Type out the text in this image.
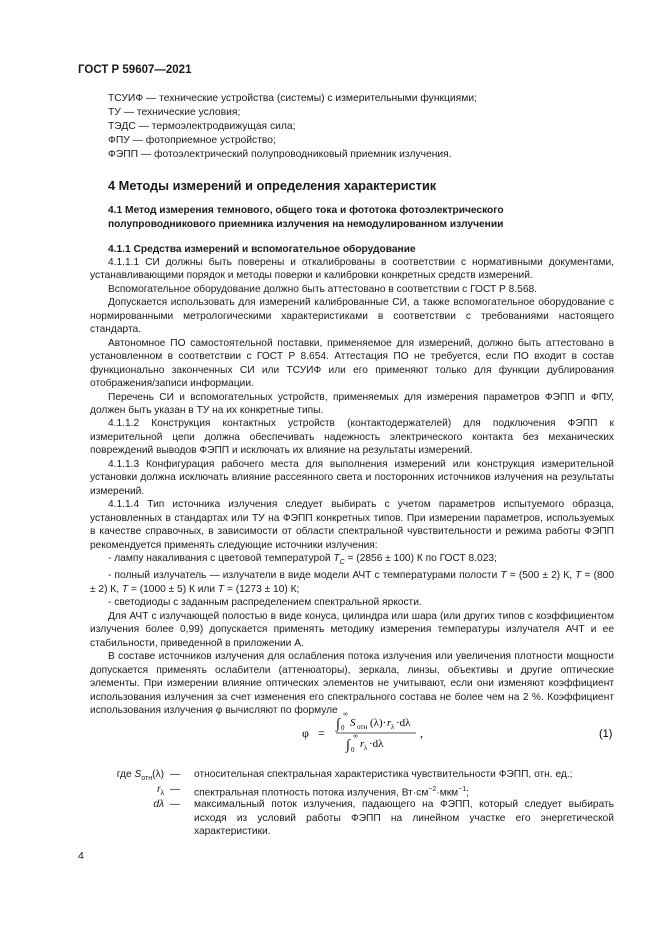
ГОСТ Р 59607—2021
ТСУИФ — технические устройства (системы) с измерительными функциями;
ТУ — технические условия;
ТЭДС — термоэлектродвижущая сила;
ФПУ — фотоприемное устройство;
ФЭПП — фотоэлектрический полупроводниковый приемник излучения.
4 Методы измерений и определения характеристик
4.1 Метод измерения темнового, общего тока и фототока фотоэлектрического полупроводникового приемника излучения на немодулированном излучении
4.1.1 Средства измерений и вспомогательное оборудование

4.1.1.1 СИ должны быть поверены и откалиброваны в соответствии с нормативными документами, устанавливающими порядок и методы поверки и калибровки конкретных средств измерений.

Вспомогательное оборудование должно быть аттестовано в соответствии с ГОСТ Р 8.568.

Допускается использовать для измерений калиброванные СИ, а также вспомогательное оборудование с нормированными метрологическими характеристиками в соответствии с требованиями настоящего стандарта.

Автономное ПО самостоятельной поставки, применяемое для измерений, должно быть аттестовано в установленном в соответствии с ГОСТ Р 8.654. Аттестация ПО не требуется, если ПО входит в состав функционально законченных СИ или ТСУИФ или его применяют только для функции дублирования отображения/записи информации.

Перечень СИ и вспомогательных устройств, применяемых для измерения параметров ФЭПП и ФПУ, должен быть указан в ТУ на их конкретные типы.

4.1.1.2 Конструкция контактных устройств (контактодержателей) для подключения ФЭПП к измерительной цепи должна обеспечивать надежность электрического контакта без механических повреждений выводов ФЭПП и исключать их влияние на результаты измерений.

4.1.1.3 Конфигурация рабочего места для выполнения измерений или конструкция измерительной установки должна исключать влияние рассеянного света и посторонних источников излучения на результаты измерений.

4.1.1.4 Тип источника излучения следует выбирать с учетом параметров испытуемого образца, установленных в стандартах или ТУ на ФЭПП конкретных типов. При измерении параметров, используемых в качестве справочных, в зависимости от области спектральной чувствительности и режима работы ФЭПП рекомендуется применять следующие источники излучения:

- лампу накаливания с цветовой температурой $T_C = (2856 \pm 100)$ К по ГОСТ 8.023;

- полный излучатель — излучатели в виде модели АЧТ с температурами полости T = (500 ± 2) К, T = (800 ± 2) К, T = (1000 ± 5) К или T = (1273 ± 10) К;

- светодиоды с заданным распределением спектральной яркости.

Для АЧТ с излучающей полостью в виде конуса, цилиндра или шара (или других типов с коэффициентом излучения более 0,99) допускается применять методику измерения температуры излучателя АЧТ и ее стабильности, приведенной в приложении А.

В составе источников излучения для ослабления потока излучения или увеличения плотности мощности допускается применять ослабители (аттенюаторы), зеркала, линзы, объективы и другие оптические элементы. При измерении влияние оптических элементов не учитывают, если они изменяют коэффициент использования излучения за счет изменения его спектрального состава не более чем на 2 %. Коэффициент использования излучения φ вычисляют по формуле

φ =
∫
∞
0 S отн (λ)· r λ ·dλ
∫
∞
0 r λ ·dλ
,	(1)
где $S_{отн}(\lambda)$ — относительная спектральная характеристика чувствительности ФЭПП, отн. ед.;
$r_\lambda$ — спектральная плотность потока излучения, $Вт\cdot см^{-2}\cdot мкм^{-1}$;
dλ — максимальный поток излучения, падающего на ФЭПП, который следует выбирать исходя из условий работы ФЭПП на линейном участке его энергетической характеристики.
4
